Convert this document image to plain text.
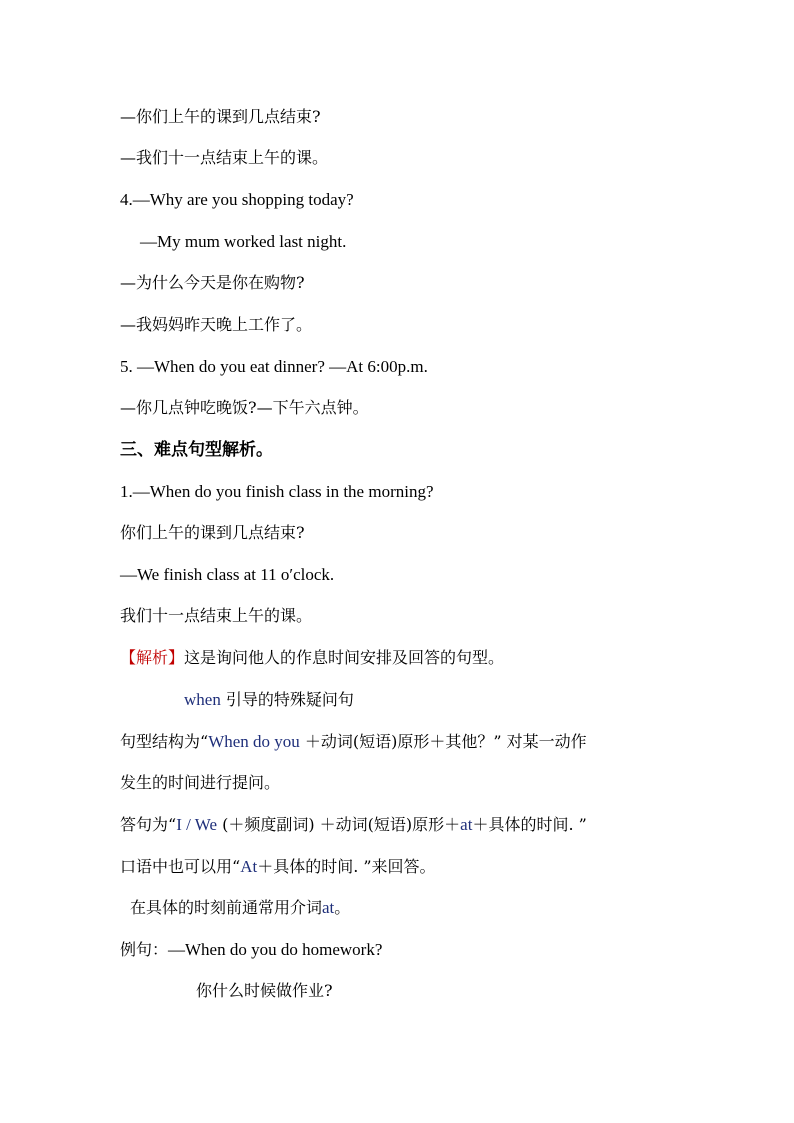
—你们上午的课到几点结束?
—我们十一点结束上午的课。
4.—Why are you shopping today?
—My mum worked last night.
—为什么今天是你在购物?
—我妈妈昨天晚上工作了。
5. —When do you eat dinner? —At 6:00p.m.
—你几点钟吃晚饭?—下午六点钟。
三、难点句型解析。
1.—When do you finish class in the morning?
你们上午的课到几点结束?
—We finish class at 11 o′clock.
我们十一点结束上午的课。
【解析】这是询问他人的作息时间安排及回答的句型。
when 引导的特殊疑问句
句型结构为“When do you ＋动词(短语)原形＋其他？” 对某一动作
发生的时间进行提问。
答句为“I / We (＋频度副词) ＋动词(短语)原形＋at＋具体的时间. ”
口语中也可以用“At＋具体的时间. ”来回答。
在具体的时刻前通常用介词at。
例句：—When do you do homework?
你什么时候做作业?
